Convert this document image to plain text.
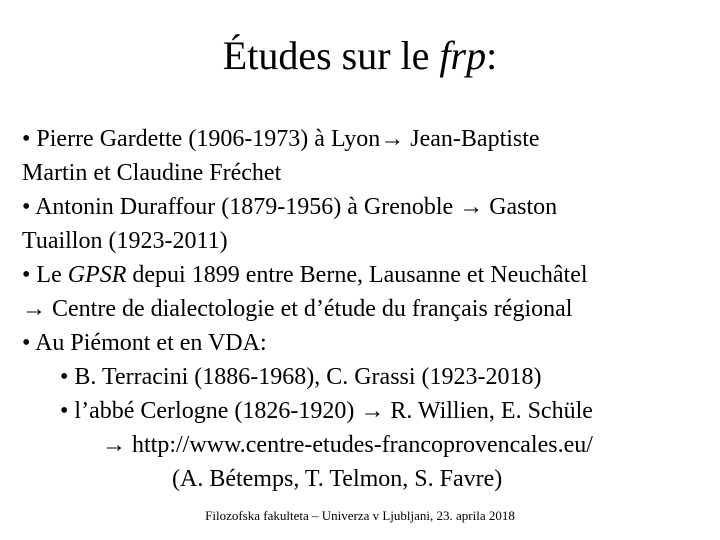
Études sur le frp:
• Pierre Gardette (1906-1973) à Lyon→ Jean-Baptiste
Martin et Claudine Fréchet
• Antonin Duraffour (1879-1956) à Grenoble → Gaston
Tuaillon (1923-2011)
• Le GPSR depui 1899 entre Berne, Lausanne et Neuchâtel
→ Centre de dialectologie et d’étude du français régional
• Au Piémont et en VDA:
• B. Terracini (1886-1968), C. Grassi (1923-2018)
• l’abbé Cerlogne (1826-1920) → R. Willien, E. Schüle
→ http://www.centre-etudes-francoprovencales.eu/
(A. Bétemps, T. Telmon, S. Favre)
Filozofska fakulteta – Univerza v Ljubljani, 23. aprila 2018
